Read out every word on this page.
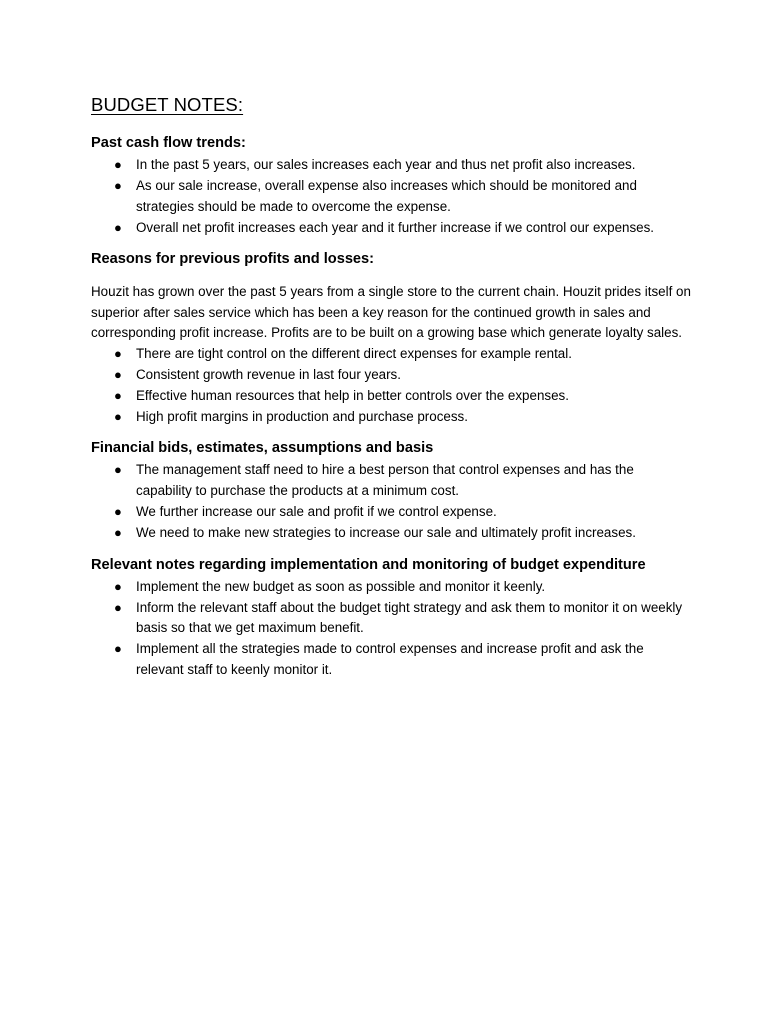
BUDGET NOTES:
Past cash flow trends:
● In the past 5 years, our sales increases each year and thus net profit also increases.
● As our sale increase, overall expense also increases which should be monitored and strategies should be made to overcome the expense.
● Overall net profit increases each year and it further increase if we control our expenses.
Reasons for previous profits and losses:

Houzit has grown over the past 5 years from a single store to the current chain. Houzit prides itself on superior after sales service which has been a key reason for the continued growth in sales and corresponding profit increase. Profits are to be built on a growing base which generate loyalty sales.

● There are tight control on the different direct expenses for example rental.
● Consistent growth revenue in last four years.
● Effective human resources that help in better controls over the expenses.
● High profit margins in production and purchase process.
Financial bids, estimates, assumptions and basis
● The management staff need to hire a best person that control expenses and has the capability to purchase the products at a minimum cost.
● We further increase our sale and profit if we control expense.
● We need to make new strategies to increase our sale and ultimately profit increases.
Relevant notes regarding implementation and monitoring of budget expenditure
● Implement the new budget as soon as possible and monitor it keenly.
● Inform the relevant staff about the budget tight strategy and ask them to monitor it on weekly basis so that we get maximum benefit.
● Implement all the strategies made to control expenses and increase profit and ask the relevant staff to keenly monitor it.
